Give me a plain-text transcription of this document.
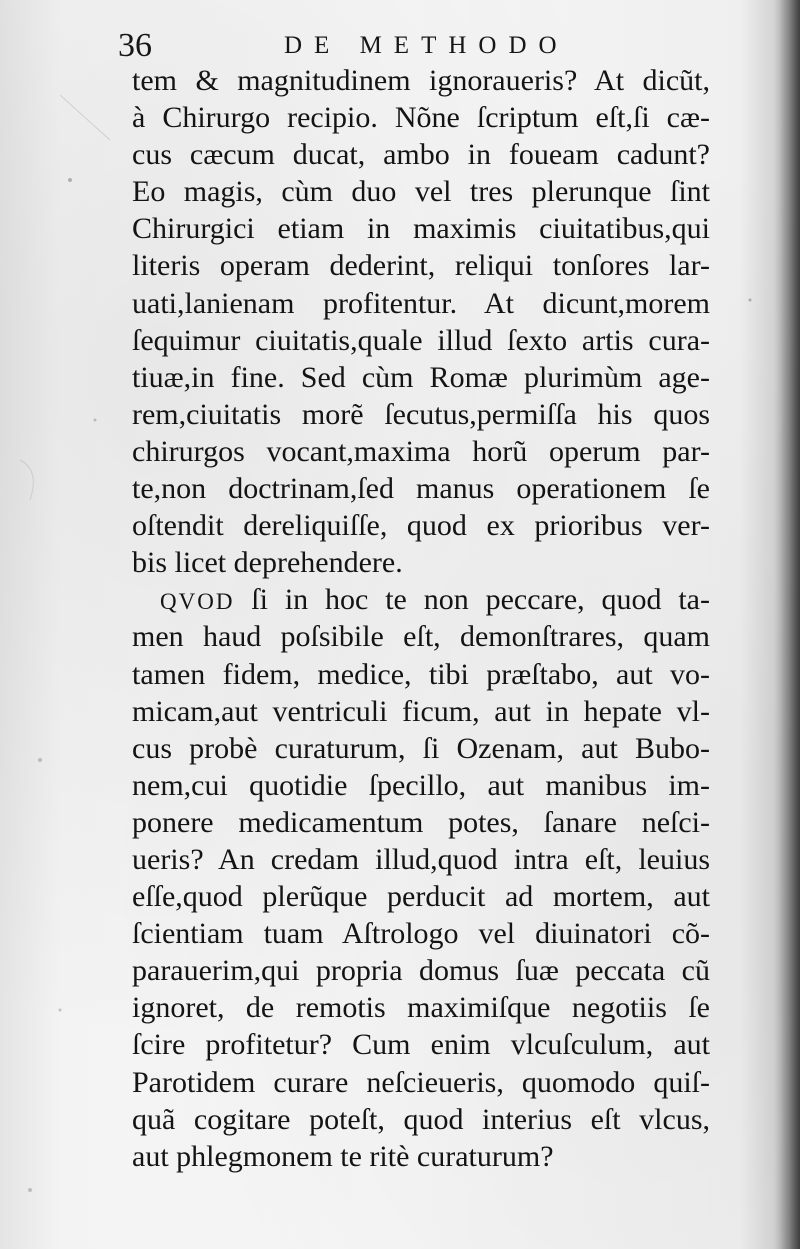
36	DE METHODO
tem & magnitudinem ignoraueris? At dicũt,
à Chirurgo recipio. Nõne ſcriptum eſt,ſi cæ-
cus cæcum ducat, ambo in foueam cadunt?
Eo magis, cùm duo vel tres plerunque ſint
Chirurgici etiam in maximis ciuitatibus,qui
literis operam dederint, reliqui tonſores lar-
uati,lanienam profitentur. At dicunt,morem
ſequimur ciuitatis,quale illud ſexto artis cura-
tiuæ,in fine. Sed cùm Romæ plurimùm age-
rem,ciuitatis morẽ ſecutus,permiſſa his quos
chirurgos vocant,maxima horũ operum par-
te,non doctrinam,ſed manus operationem ſe
oſtendit dereliquiſſe, quod ex prioribus ver-
bis licet deprehendere.
QVOD ſi in hoc te non peccare, quod ta-
men haud poſsibile eſt, demonſtrares, quam
tamen fidem, medice, tibi præſtabo, aut vo-
micam,aut ventriculi ficum, aut in hepate vl-
cus probè curaturum, ſi Ozenam, aut Bubo-
nem,cui quotidie ſpecillo, aut manibus im-
ponere medicamentum potes, ſanare neſci-
ueris? An credam illud,quod intra eſt, leuius
eſſe,quod plerũque perducit ad mortem, aut
ſcientiam tuam Aſtrologo vel diuinatori cõ-
parauerim,qui propria domus ſuæ peccata cũ
ignoret, de remotis maximiſque negotiis ſe
ſcire profitetur? Cum enim vlcuſculum, aut
Parotidem curare neſcieueris, quomodo quiſ-
quã cogitare poteſt, quod interius eſt vlcus,
aut phlegmonem te ritè curaturum?
